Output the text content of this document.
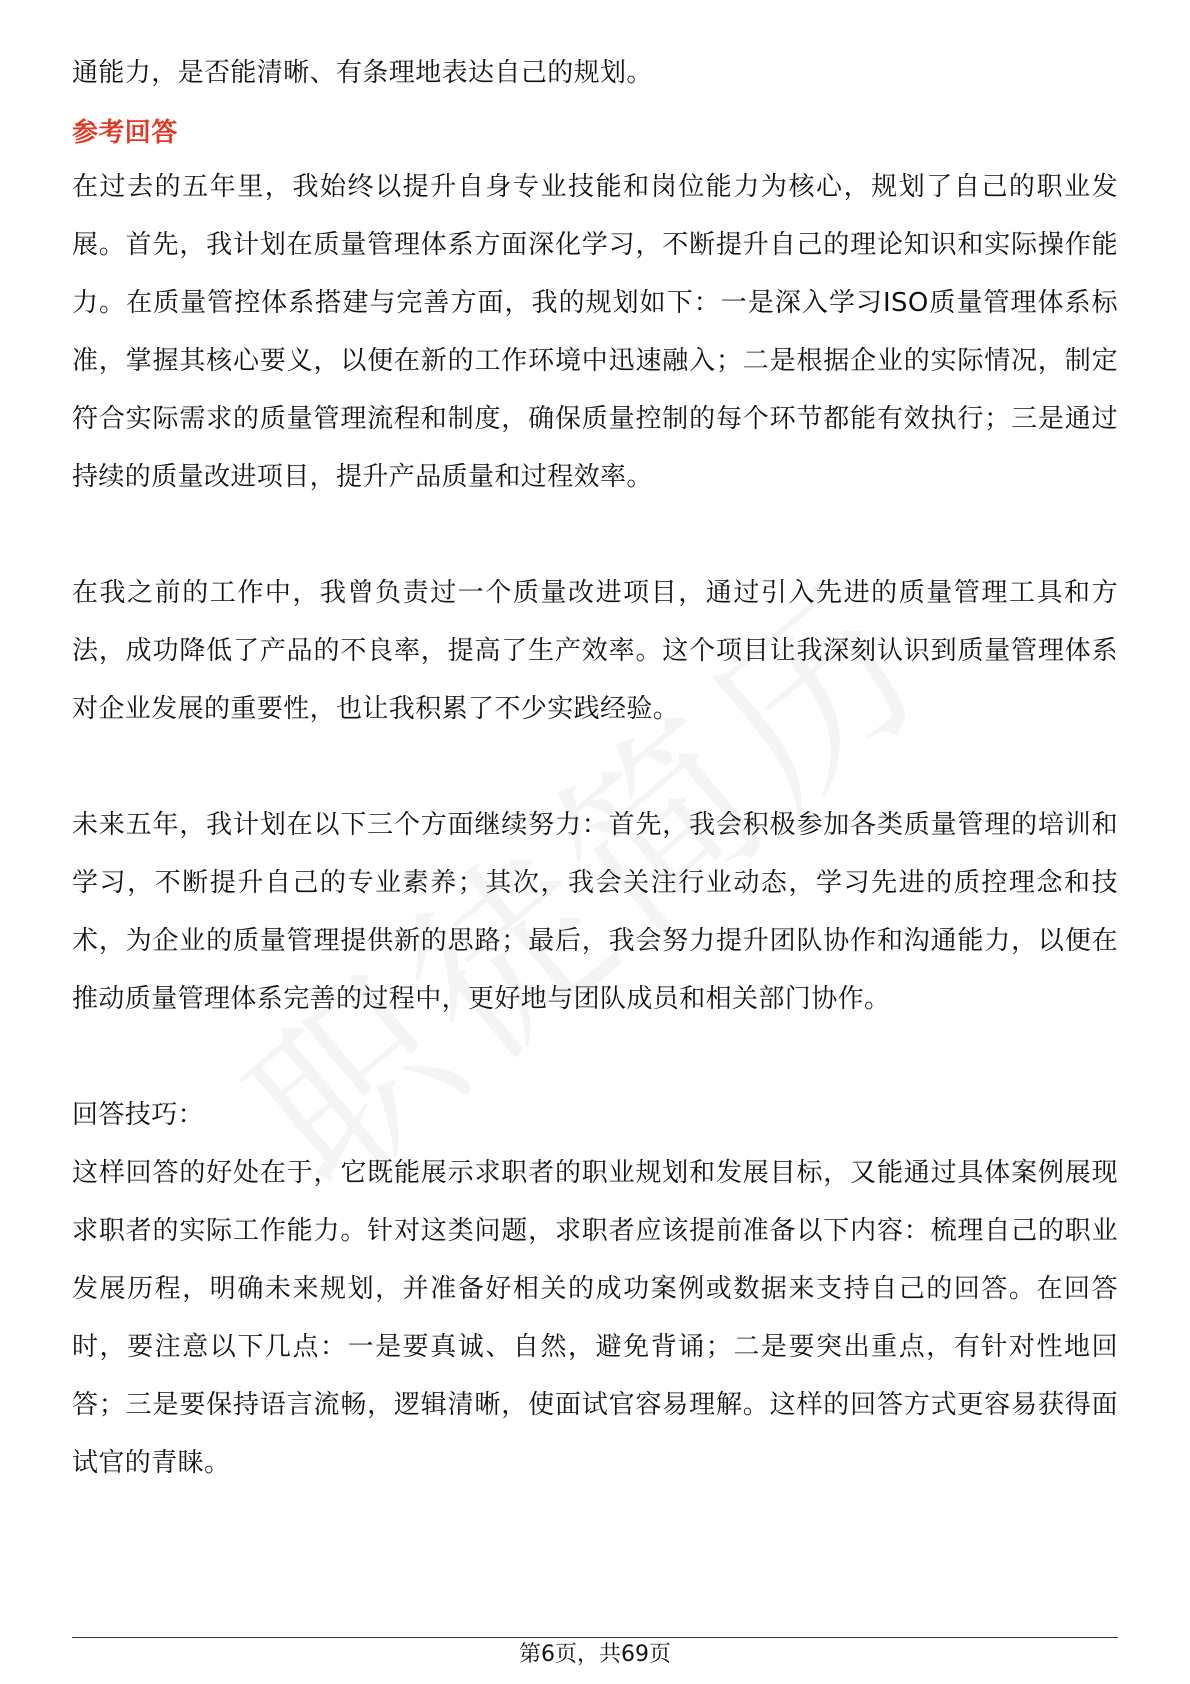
通能力，是否能清晰、有条理地表达自己的规划。

参考回答

在过去的五年里，我始终以提升自身专业技能和岗位能力为核心，规划了自己的职业发展。首先，我计划在质量管理体系方面深化学习，不断提升自己的理论知识和实际操作能力。在质量管控体系搭建与完善方面，我的规划如下：一是深入学习ISO质量管理体系标准，掌握其核心要义，以便在新的工作环境中迅速融入；二是根据企业的实际情况，制定符合实际需求的质量管理流程和制度，确保质量控制的每个环节都能有效执行；三是通过持续的质量改进项目，提升产品质量和过程效率。

在我之前的工作中，我曾负责过一个质量改进项目，通过引入先进的质量管理工具和方法，成功降低了产品的不良率，提高了生产效率。这个项目让我深刻认识到质量管理体系对企业发展的重要性，也让我积累了不少实践经验。

未来五年，我计划在以下三个方面继续努力：首先，我会积极参加各类质量管理的培训和学习，不断提升自己的专业素养；其次，我会关注行业动态，学习先进的质控理念和技术，为企业的质量管理提供新的思路；最后，我会努力提升团队协作和沟通能力，以便在推动质量管理体系完善的过程中，更好地与团队成员和相关部门协作。

回答技巧：

这样回答的好处在于，它既能展示求职者的职业规划和发展目标，又能通过具体案例展现求职者的实际工作能力。针对这类问题，求职者应该提前准备以下内容：梳理自己的职业发展历程，明确未来规划，并准备好相关的成功案例或数据来支持自己的回答。在回答时，要注意以下几点：一是要真诚、自然，避免背诵；二是要突出重点，有针对性地回答；三是要保持语言流畅，逻辑清晰，使面试官容易理解。这样的回答方式更容易获得面试官的青睐。

第6页，共69页
